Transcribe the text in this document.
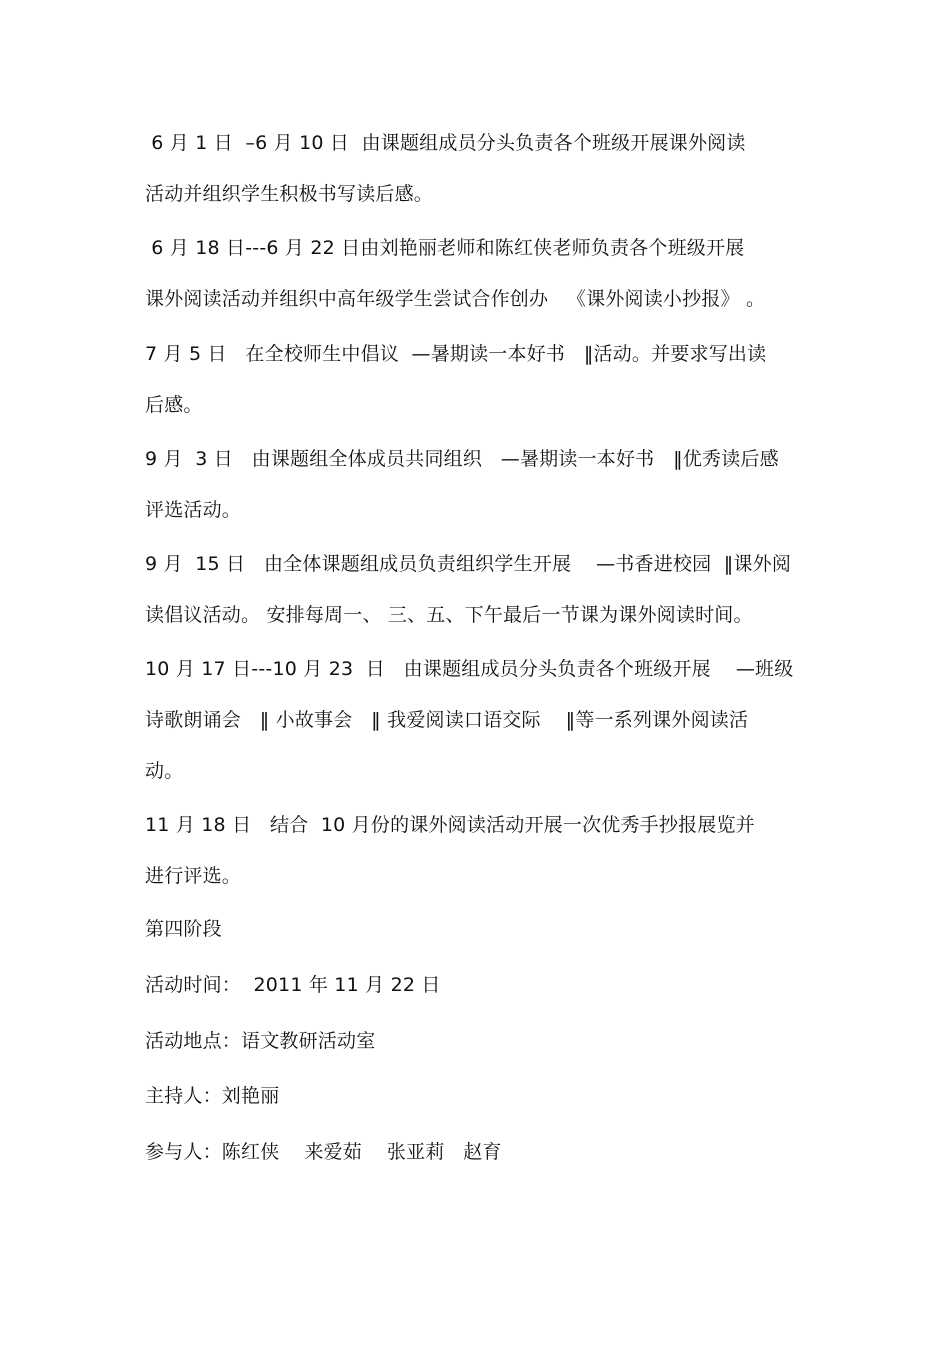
6 月 1 日  –6 月 10 日  由课题组成员分头负责各个班级开展课外阅读
活动并组织学生积极书写读后感。
6 月 18 日---6 月 22 日由刘艳丽老师和陈红侠老师负责各个班级开展
课外阅读活动并组织中高年级学生尝试合作创办   《课外阅读小抄报》 。
7 月 5 日   在全校师生中倡议  —暑期读一本好书   ‖活动。并要求写出读
后感。
9 月  3 日   由课题组全体成员共同组织   —暑期读一本好书   ‖优秀读后感
评选活动。
9 月  15 日   由全体课题组成员负责组织学生开展    —书香进校园  ‖课外阅
读倡议活动。 安排每周一、 三、五、下午最后一节课为课外阅读时间。
10 月 17 日---10 月 23  日   由课题组成员分头负责各个班级开展    —班级
诗歌朗诵会   ‖ 小故事会   ‖ 我爱阅读口语交际    ‖等一系列课外阅读活
动。
11 月 18 日   结合  10 月份的课外阅读活动开展一次优秀手抄报展览并
进行评选。
第四阶段
活动时间：  2011 年 11 月 22 日
活动地点：语文教研活动室
主持人：刘艳丽
参与人：陈红侠    来爱茹    张亚莉   赵育
